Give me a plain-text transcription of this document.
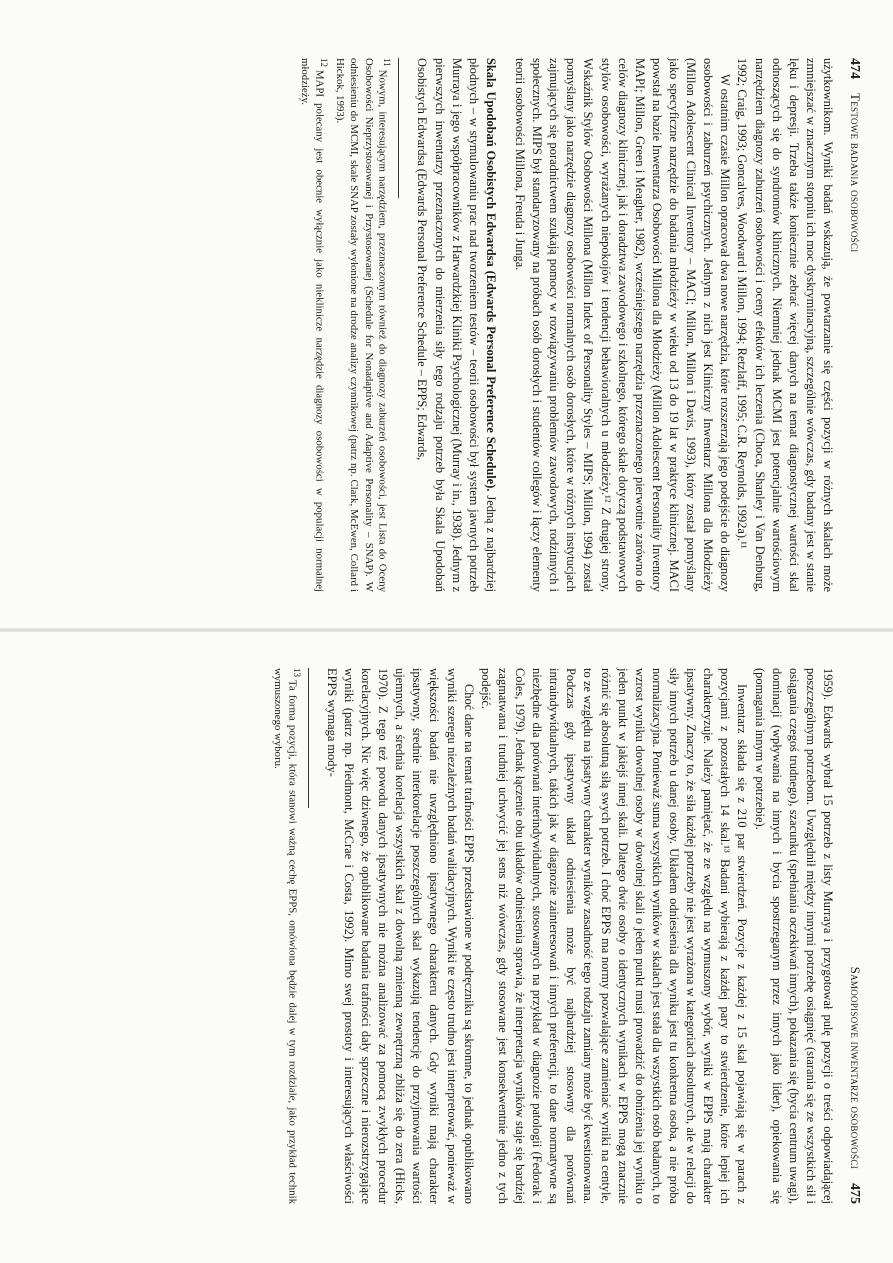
474
Testowe badania osobowości

użytkownikom. Wyniki badań wskazują, że powtarzanie się części pozycji w różnych skalach może zmniejszać w znacznym stopniu ich moc dyskryminacyjną, szczególnie wówczas, gdy badany jest w stanie lęku i depresji. Trzeba także koniecznie zebrać więcej danych na temat diagnostycznej wartości skal odnoszących się do syndromów klinicznych. Niemniej jednak MCMI jest potencjalnie wartościowym narzędziem diagnozy zaburzeń osobowości i oceny efektów ich leczenia (Choca, Shanley i Van Denburg, 1992; Craig, 1993; Goncalves, Woodward i Millon, 1994; Retzlaff, 1995; C.R. Reynolds, 1992a).¹¹

W ostatnim czasie Millon opracował dwa nowe narzędzia, które rozszerzają jego podejście do diagnozy osobowości i zaburzeń psychicznych. Jednym z nich jest Kliniczny Inwentarz Millona dla Młodzieży (Millon Adolescent Clinical Inventory – MACI; Millon, Millon i Davis, 1993), który został pomyślany jako specyficzne narzędzie do badania młodzieży w wieku od 13 do 19 lat w praktyce klinicznej. MACI powstał na bazie Inwentarza Osobowości Millona dla Młodzieży (Millon Adolescent Personality Inventory MAPI; Millon, Green i Meagher, 1982), wcześniejszego narzędzia przeznaczonego pierwotnie zarówno do celów diagnozy klinicznej, jak i doradztwa zawodowego i szkolnego, którego skale dotyczą podstawowych stylów osobowości, wyrażanych niepokojów i tendencji behawioralnych u młodzieży.¹² Z drugiej strony, Wskaźnik Stylów Osobowości Millona (Millon Index of Personality Styles – MIPS; Millon, 1994) został pomyślany jako narzędzie diagnozy osobowości normalnych osób dorosłych, które w różnych instytucjach zajmujących się poradnictwem szukają pomocy w rozwiązywaniu problemów zawodowych, rodzinnych i społecznych. MIPS był standaryzowany na próbach osób dorosłych i studentów collegów i łączy elementy teorii osobowości Millona, Freuda i Junga.

Skala Upodobań Osobistych Edwardsa (Edwards Personal Preference Schedule). Jedną z najbardziej płodnych – w stymulowaniu prac nad tworzeniem testów – teorii osobowości był system jawnych potrzeb Murraya i jego współpracowników z Harwardzkiej Kliniki Psychologicznej (Murray i in., 1938). Jednym z pierwszych inwentarzy przeznaczonych do mierzenia siły tego rodzaju potrzeb była Skala Upodobań Osobistych Edwardsa (Edwards Personal Preference Schedule – EPPS; Edwards,

$^{11}$Nowym, interesującym narzędziem, przeznaczonym również do diagnozy zaburzeń osobowości, jest Lista do Oceny Osobowości Nieprzystosowanej i Przystosowanej (Schedule for Nonadaptive and Adaptive Personality – SNAP). W odniesieniu do MCMI, skale SNAP zostały wyłonione na drodze analizy czynnikowej (patrz np. Clark, McEwen, Collard i Hickok, 1993).

$^{12}$MAPI polecany jest obecnie wyłącznie jako nieklinicze narzędzie diagnozy osobowości w populacji normalnej młodzieży.

Samoopisowe inwentarze osobowości
475

1959). Edwards wybrał 15 potrzeb z listy Murraya i przygotował pulę pozycji o treści odpowiadającej poszczególnym potrzebom. Uwzględnił między innymi potrzebę osiągnięć (starania się ze wszystkich sił i osiągania czegoś trudnego), szacunku (spełniania oczekiwań innych), pokazania się (bycia centrum uwagi), dominacji (wpływania na innych i bycia spostrzeganym przez innych jako lider), opiekowania się (pomagania innym w potrzebie).

Inwentarz składa się z 210 par stwierdzeń. Pozycje z każdej z 15 skal pojawiają się w parach z pozycjami z pozostałych 14 skal.¹³ Badani wybierają z każdej pary to stwierdzenie, które lepiej ich charakteryzuje. Należy pamiętać, że ze względu na wymuszony wybór, wyniki w EPPS mają charakter ipsatywny. Znaczy to, że siła każdej potrzeby nie jest wyrażona w kategoriach absolutnych, ale w relacji do siły innych potrzeb u danej osoby. Układem odniesienia dla wyniku jest tu konkretna osoba, a nie próba normalizacyjna. Ponieważ suma wszystkich wyników w skalach jest stała dla wszystkich osób badanych, to wzrost wyniku dowolnej osoby w dowolnej skali o jeden punkt musi prowadzić do obniżenia jej wyniku o jeden punkt w jakiejś innej skali. Dlatego dwie osoby o identycznych wynikach w EPPS mogą znacznie różnić się absolutną siłą swych potrzeb. I choć EPPS ma normy pozwalające zamieniać wyniki na centyle, to ze względu na ipsatywny charakter wyników zasadność tego rodzaju zamiany może być kwestionowana. Podczas gdy ipsatywny układ odniesienia może być najbardziej stosowny dla porównań intraindywidualnych, takich jak w diagnozie zainteresowań i innych preferencji, to dane normatywne są niezbędne dla porównań interindywidualnych, stosowanych na przykład w diagnozie patologii (Fedorak i Coles, 1979). Jednak łączenie obu układów odniesienia sprawia, że interpretacja wyników staje się bardziej zagmatwana i trudniej uchwycić jej sens niż wówczas, gdy stosowane jest konsekwentnie jedno z tych podejść.

Choć dane na temat trafności EPPS przedstawione w podręczniku są skromne, to jednak opublikowano wyniki szeregu niezależnych badań walidacyjnych. Wyniki te często trudno jest interpretować, ponieważ w większości badań nie uwzględniono ipsatywnego charakteru danych. Gdy wyniki mają charakter ipsatywny, średnie interkorelacje poszczególnych skal wykazują tendencję do przyjmowania wartości ujemnych, a średnia korelacja wszystkich skal z dowolną zmienną zewnętrzną zbliża się do zera (Hicks, 1970). Z tego też powodu danych ipsatywnych nie można analizować za pomocą zwykłych procedur korelacyjnych. Nic więc dziwnego, że opublikowane badania trafności dały sprzeczne i nierozstrzygające wyniki (patrz np. Piedmont, McCrae i Costa, 1992). Mimo swej prostoty i interesujących właściwości EPPS wymaga mody-

$^{13}$Ta forma pozycji, która stanowi ważną cechę EPPS, omówiona będzie dalej w tym rozdziale, jako przykład technik wymuszonego wyboru.
